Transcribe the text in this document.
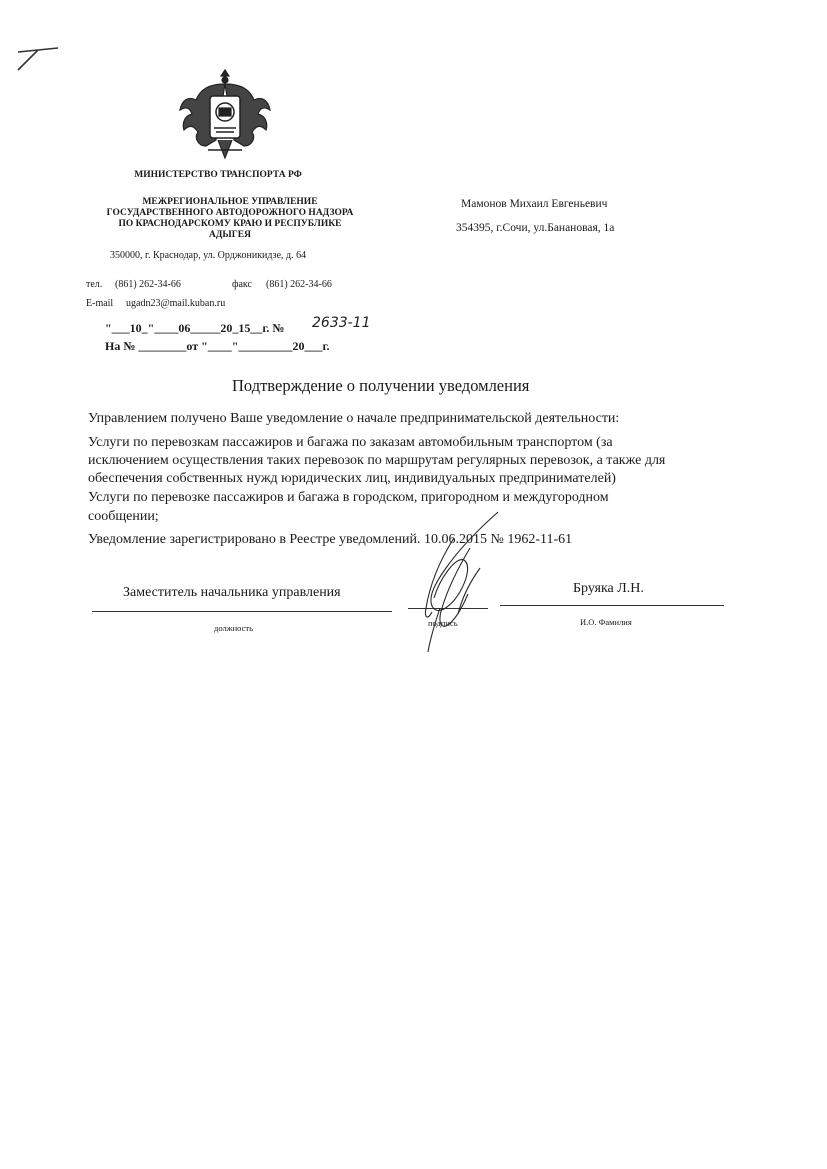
МИНИСТЕРСТВО ТРАНСПОРТА РФ
МЕЖРЕГИОНАЛЬНОЕ УПРАВЛЕНИЕ
ГОСУДАРСТВЕННОГО АВТОДОРОЖНОГО НАДЗОРА
ПО КРАСНОДАРСКОМУ КРАЮ И РЕСПУБЛИКЕ
АДЫГЕЯ
350000, г. Краснодар, ул. Орджоникидзе, д. 64
тел. (861) 262-34-66	факс (861) 262-34-66
E-mail ugadn23@mail.kuban.ru
"___10_"____06_____20_15__г. № 2633-11
На № ________от "____"_________20___г.
Мамонов Михаил Евгеньевич
354395, г.Сочи, ул.Банановая, 1а
Подтверждение о получении уведомления
Управлением получено Ваше уведомление о начале предпринимательской деятельности:
Услуги по перевозкам пассажиров и багажа по заказам автомобильным транспортом (за
исключением осуществления таких перевозок по маршрутам регулярных перевозок, а также для
обеспечения собственных нужд юридических лиц, индивидуальных предпринимателей)
Услуги по перевозке пассажиров и багажа в городском, пригородном и междугородном
сообщении;
Уведомление зарегистрировано в Реестре уведомлений. 10.06.2015 № 1962-11-61
Заместитель начальника управления	Бруяка Л.Н.
должность	подпись	И.О. Фамилия
